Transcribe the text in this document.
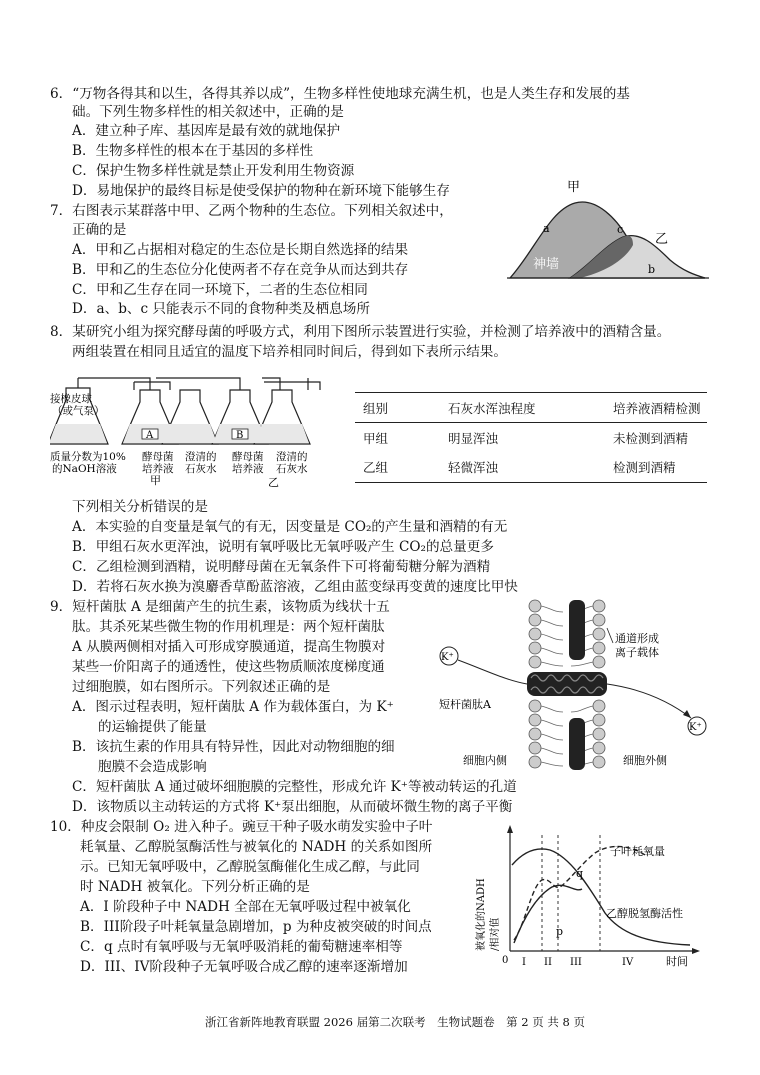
6．“万物各得其和以生，各得其养以成”，生物多样性使地球充满生机，也是人类生存和发展的基
础。下列生物多样性的相关叙述中，正确的是
A．建立种子库、基因库是最有效的就地保护
B．生物多样性的根本在于基因的多样性
C．保护生物多样性就是禁止开发利用生物资源
D．易地保护的最终目标是使受保护的物种在新环境下能够生存
7．右图表示某群落中甲、乙两个物种的生态位。下列相关叙述中，
正确的是
A．甲和乙占据相对稳定的生态位是长期自然选择的结果
B．甲和乙的生态位分化使两者不存在竞争从而达到共存
C．甲和乙生存在同一环境下，二者的生态位相同
D．a、b、c 只能表示不同的食物种类及栖息场所
甲
乙
神墙
a
b
c
8．某研究小组为探究酵母菌的呼吸方式，利用下图所示装置进行实验，并检测了培养液中的酒精含量。
两组装置在相同且适宜的温度下培养相同时间后，得到如下表所示结果。
A	B
接橡皮球
（或气泵）
质量分数为10%
的NaOH溶液
酵母菌
培养液
澄清的
石灰水
酵母菌
培养液
澄清的
石灰水
甲	乙
组别	石灰水浑浊程度	培养液酒精检测
甲组	明显浑浊	未检测到酒精
乙组	轻微浑浊	检测到酒精
下列相关分析错误的是
A．本实验的自变量是氧气的有无，因变量是 CO₂的产生量和酒精的有无
B．甲组石灰水更浑浊，说明有氧呼吸比无氧呼吸产生 CO₂的总量更多
C．乙组检测到酒精，说明酵母菌在无氧条件下可将葡萄糖分解为酒精
D．若将石灰水换为溴麝香草酚蓝溶液，乙组由蓝变绿再变黄的速度比甲快
9．短杆菌肽 A 是细菌产生的抗生素，该物质为线状十五
肽。其杀死某些微生物的作用机理是：两个短杆菌肽
A 从膜两侧相对插入可形成穿膜通道，提高生物膜对
某些一价阳离子的通透性，使这些物质顺浓度梯度通
过细胞膜，如右图所示。下列叙述正确的是
A．图示过程表明，短杆菌肽 A 作为载体蛋白，为 K⁺
的运输提供了能量
B．该抗生素的作用具有特异性，因此对动物细胞的细
胞膜不会造成影响
C．短杆菌肽 A 通过破坏细胞膜的完整性，形成允许 K⁺等被动转运的孔道
D．该物质以主动转运的方式将 K⁺泵出细胞，从而破坏微生物的离子平衡
K⁺
K⁺
通道形成
离子载体
短杆菌肽A
细胞内侧	细胞外侧
10．种皮会限制 O₂ 进入种子。豌豆干种子吸水萌发实验中子叶
耗氧量、乙醇脱氢酶活性与被氧化的 NADH 的关系如图所
示。已知无氧呼吸中，乙醇脱氢酶催化生成乙醇，与此同
时 NADH 被氧化。下列分析正确的是
A．I 阶段种子中 NADH 全部在无氧呼吸过程中被氧化
B．III阶段子叶耗氧量急剧增加，p 为种皮被突破的时间点
C．q 点时有氧呼吸与无氧呼吸消耗的葡萄糖速率相等
D．III、IV阶段种子无氧呼吸合成乙醇的速率逐渐增加
被氧化的NADH /相对值
子叶耗氧量
乙醇脱氢酶活性
q
p
0 I II III	IV	时间
浙江省新阵地教育联盟 2026 届第二次联考　生物试题卷　第 2 页 共 8 页
